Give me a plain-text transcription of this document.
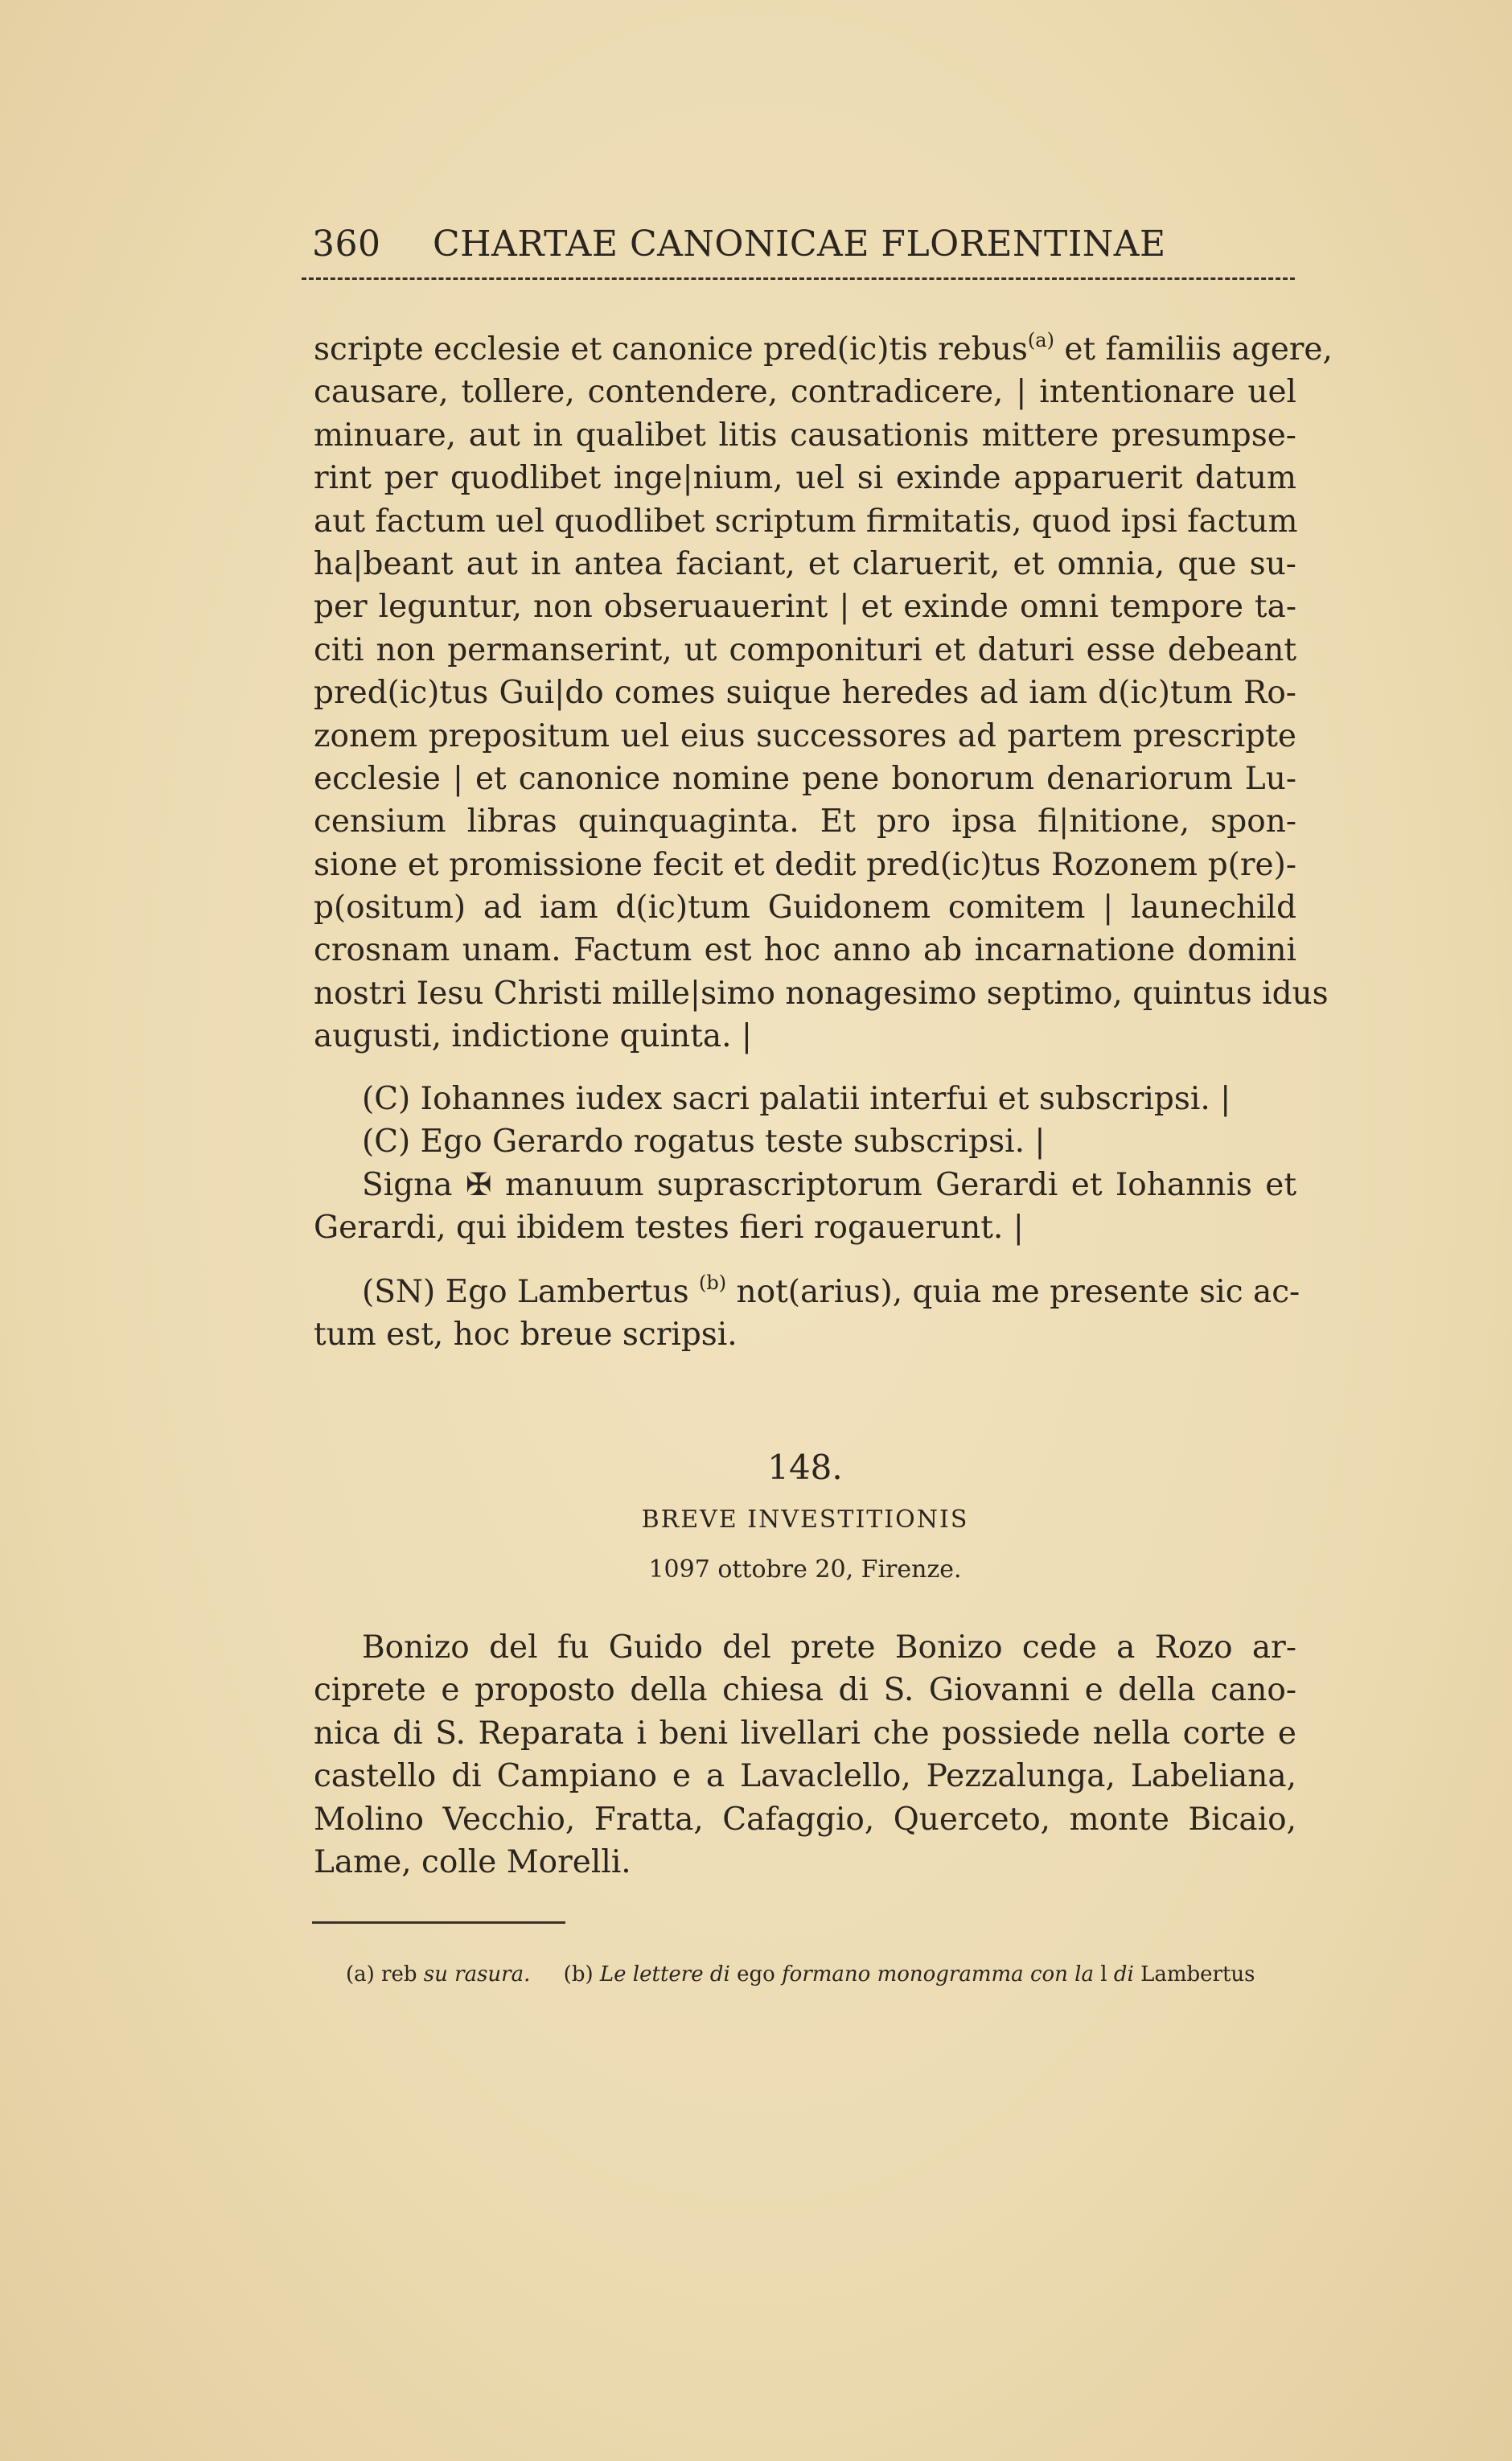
360 CHARTAE CANONICAE FLORENTINAE
scripte ecclesie et canonice pred(ic)tis rebus$^{(a)}$ et familiis agere,
causare, tollere, contendere, contradicere, | intentionare uel
minuare, aut in qualibet litis causationis mittere presumpse-
rint per quodlibet inge|nium, uel si exinde apparuerit datum
aut factum uel quodlibet scriptum firmitatis, quod ipsi factum
ha|beant aut in antea faciant, et claruerit, et omnia, que su-
per leguntur, non obseruauerint | et exinde omni tempore ta-
citi non permanserint, ut componituri et daturi esse debeant
pred(ic)tus Gui|do comes suique heredes ad iam d(ic)tum Ro-
zonem prepositum uel eius successores ad partem prescripte
ecclesie | et canonice nomine pene bonorum denariorum Lu-
censium libras quinquaginta. Et pro ipsa fi|nitione, spon-
sione et promissione fecit et dedit pred(ic)tus Rozonem p(re)-
p(ositum) ad iam d(ic)tum Guidonem comitem | launechild
crosnam unam. Factum est hoc anno ab incarnatione domini
nostri Iesu Christi mille|simo nonagesimo septimo, quintus idus
augusti, indictione quinta. |
(C) Iohannes iudex sacri palatii interfui et subscripsi. |
(C) Ego Gerardo rogatus teste subscripsi. |
Signa ✠ manuum suprascriptorum Gerardi et Iohannis et
Gerardi, qui ibidem testes fieri rogauerunt. |
(SN) Ego Lambertus $^{(b)}$ not(arius), quia me presente sic ac-
tum est, hoc breue scripsi.
148.
BREVE INVESTITIONIS
1097 ottobre 20, Firenze.
Bonizo del fu Guido del prete Bonizo cede a Rozo ar-
ciprete e proposto della chiesa di S. Giovanni e della cano-
nica di S. Reparata i beni livellari che possiede nella corte e
castello di Campiano e a Lavaclello, Pezzalunga, Labeliana,
Molino Vecchio, Fratta, Cafaggio, Querceto, monte Bicaio,
Lame, colle Morelli.
(a) reb su rasura.     (b) Le lettere di ego formano monogramma con la l di Lambertus
